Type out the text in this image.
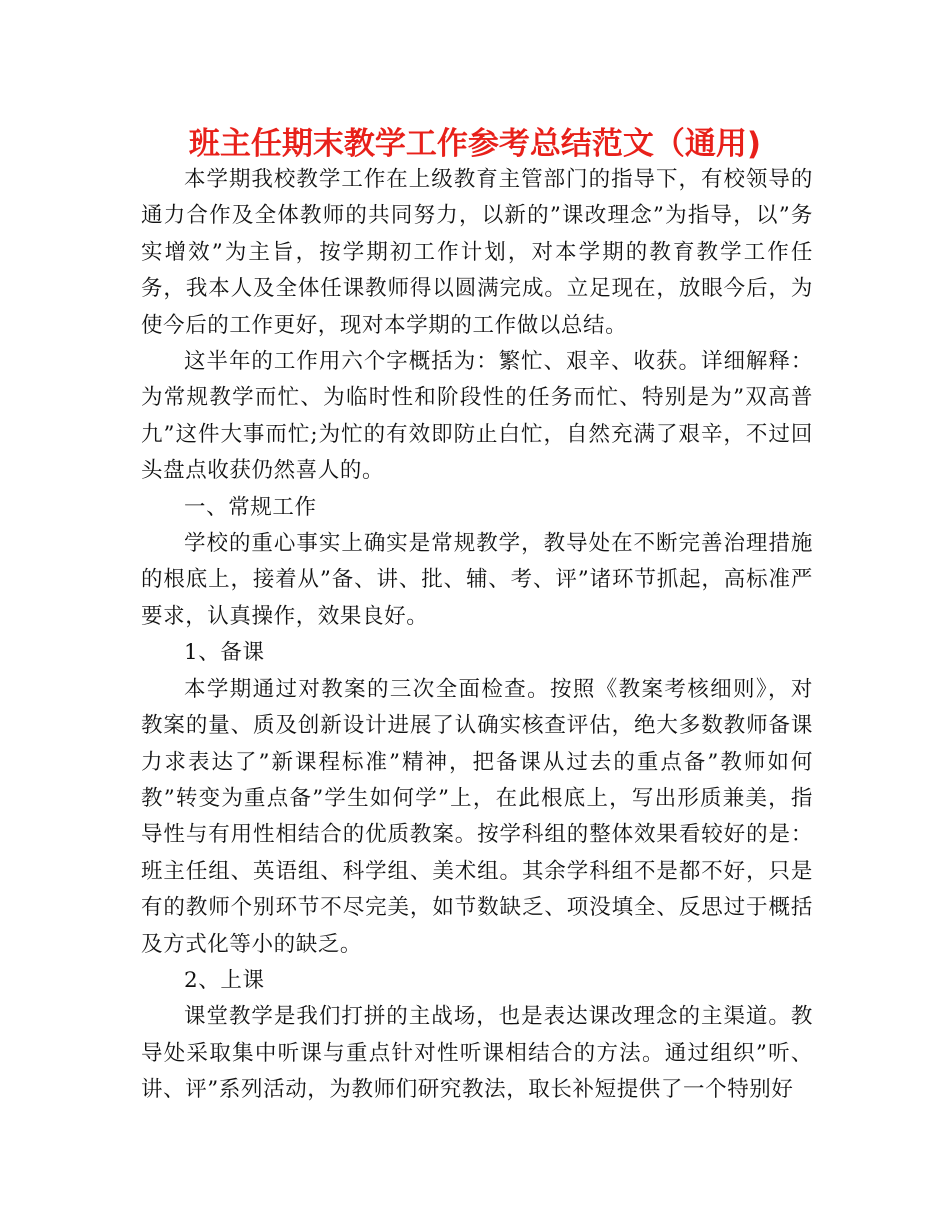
班主任期末教学工作参考总结范文（通用)

本学期我校教学工作在上级教育主管部门的指导下，有校领导的通力合作及全体教师的共同努力，以新的”课改理念”为指导，以”务实增效”为主旨，按学期初工作计划，对本学期的教育教学工作任务，我本人及全体任课教师得以圆满完成。立足现在，放眼今后，为使今后的工作更好，现对本学期的工作做以总结。

这半年的工作用六个字概括为：繁忙、艰辛、收获。详细解释：为常规教学而忙、为临时性和阶段性的任务而忙、特别是为”双高普九”这件大事而忙;为忙的有效即防止白忙，自然充满了艰辛，不过回头盘点收获仍然喜人的。

一、常规工作

学校的重心事实上确实是常规教学，教导处在不断完善治理措施的根底上，接着从”备、讲、批、辅、考、评”诸环节抓起，高标准严要求，认真操作，效果良好。

1、备课

本学期通过对教案的三次全面检查。按照《教案考核细则》，对教案的量、质及创新设计进展了认确实核查评估，绝大多数教师备课力求表达了”新课程标准”精神，把备课从过去的重点备”教师如何教”转变为重点备”学生如何学”上，在此根底上，写出形质兼美，指导性与有用性相结合的优质教案。按学科组的整体效果看较好的是：班主任组、英语组、科学组、美术组。其余学科组不是都不好，只是有的教师个别环节不尽完美，如节数缺乏、项没填全、反思过于概括及方式化等小的缺乏。

2、上课

课堂教学是我们打拼的主战场，也是表达课改理念的主渠道。教导处采取集中听课与重点针对性听课相结合的方法。通过组织”听、讲、评”系列活动，为教师们研究教法，取长补短提供了一个特别好
